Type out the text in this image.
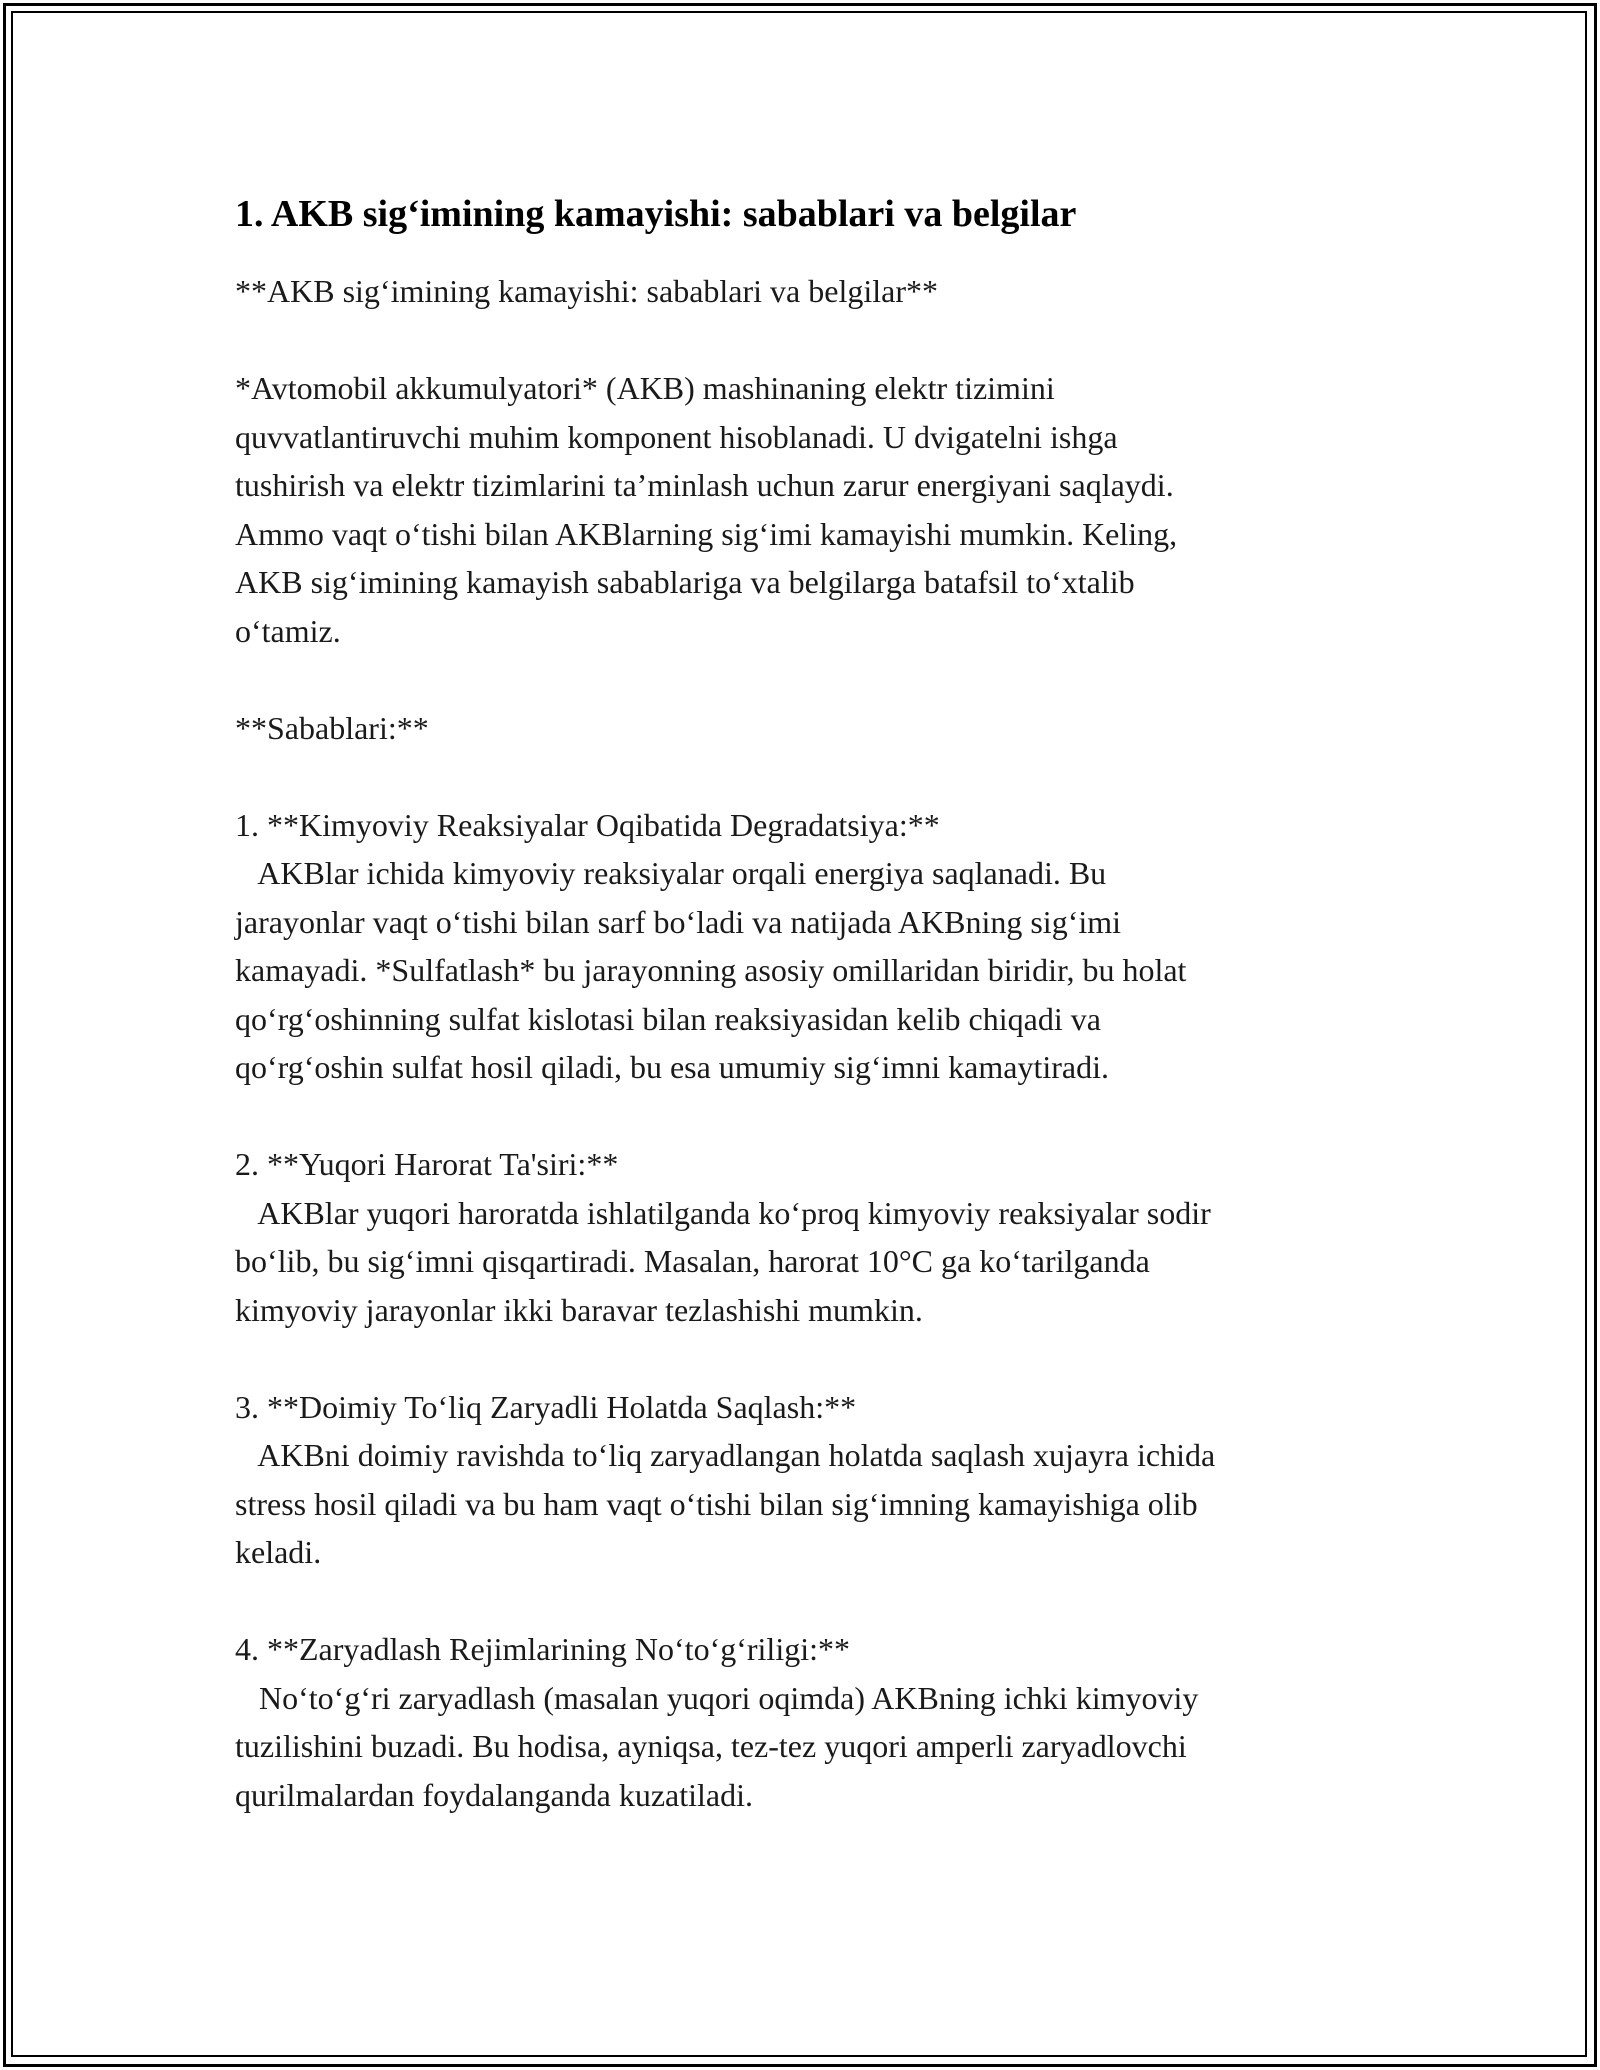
1. AKB sig‘imining kamayishi: sabablari va belgilar
**AKB sig‘imining kamayishi: sabablari va belgilar**
*Avtomobil akkumulyatori* (AKB) mashinaning elektr tizimini
quvvatlantiruvchi muhim komponent hisoblanadi. U dvigatelni ishga
tushirish va elektr tizimlarini ta’minlash uchun zarur energiyani saqlaydi.
Ammo vaqt o‘tishi bilan AKBlarning sig‘imi kamayishi mumkin. Keling,
AKB sig‘imining kamayish sabablariga va belgilarga batafsil to‘xtalib
o‘tamiz.
**Sabablari:**
1. **Kimyoviy Reaksiyalar Oqibatida Degradatsiya:**
AKBlar ichida kimyoviy reaksiyalar orqali energiya saqlanadi. Bu
jarayonlar vaqt o‘tishi bilan sarf bo‘ladi va natijada AKBning sig‘imi
kamayadi. *Sulfatlash* bu jarayonning asosiy omillaridan biridir, bu holat
qo‘rg‘oshinning sulfat kislotasi bilan reaksiyasidan kelib chiqadi va
qo‘rg‘oshin sulfat hosil qiladi, bu esa umumiy sig‘imni kamaytiradi.
2. **Yuqori Harorat Ta'siri:**
AKBlar yuqori haroratda ishlatilganda ko‘proq kimyoviy reaksiyalar sodir
bo‘lib, bu sig‘imni qisqartiradi. Masalan, harorat 10°C ga ko‘tarilganda
kimyoviy jarayonlar ikki baravar tezlashishi mumkin.
3. **Doimiy To‘liq Zaryadli Holatda Saqlash:**
AKBni doimiy ravishda to‘liq zaryadlangan holatda saqlash xujayra ichida
stress hosil qiladi va bu ham vaqt o‘tishi bilan sig‘imning kamayishiga olib
keladi.
4. **Zaryadlash Rejimlarining No‘to‘g‘riligi:**
No‘to‘g‘ri zaryadlash (masalan yuqori oqimda) AKBning ichki kimyoviy
tuzilishini buzadi. Bu hodisa, ayniqsa, tez-tez yuqori amperli zaryadlovchi
qurilmalardan foydalanganda kuzatiladi.
